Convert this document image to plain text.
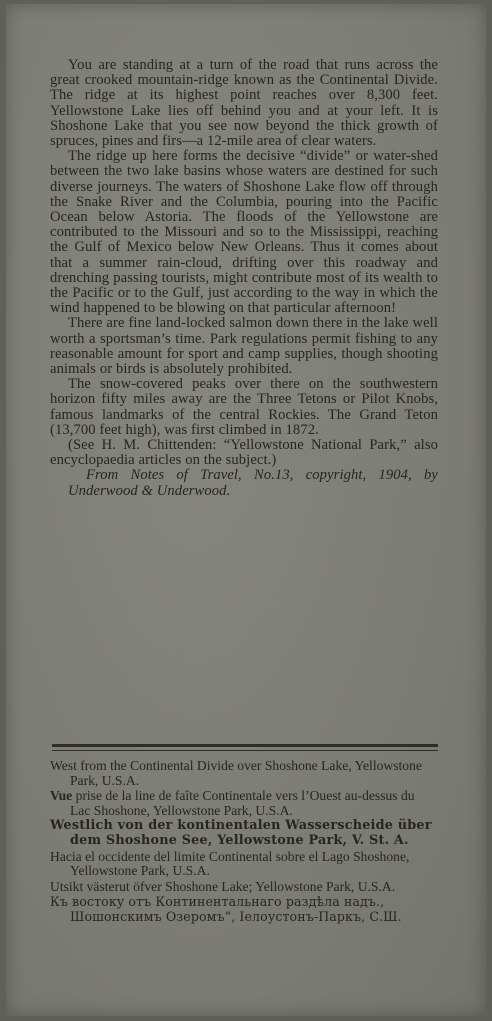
You are standing at a turn of the road that runs across the great crooked mountain-ridge known as the Continental Divide. The ridge at its highest point reaches over 8,300 feet. Yellowstone Lake lies off behind you and at your left. It is Shoshone Lake that you see now beyond the thick growth of spruces, pines and firs—a 12-mile area of clear waters.

The ridge up here forms the decisive “divide” or water-shed between the two lake basins whose waters are destined for such diverse journeys. The waters of Shoshone Lake flow off through the Snake River and the Columbia, pouring into the Pacific Ocean below Astoria. The floods of the Yellowstone are contributed to the Missouri and so to the Mississippi, reaching the Gulf of Mexico below New Orleans. Thus it comes about that a summer rain-cloud, drifting over this roadway and drenching passing tourists, might contribute most of its wealth to the Pacific or to the Gulf, just according to the way in which the wind happened to be blowing on that particular afternoon!

There are fine land-locked salmon down there in the lake well worth a sportsman’s time. Park regulations permit fishing to any reasonable amount for sport and camp supplies, though shooting animals or birds is absolutely prohibited.

The snow-covered peaks over there on the southwestern horizon fifty miles away are the Three Tetons or Pilot Knobs, famous landmarks of the central Rockies. The Grand Teton (13,700 feet high), was first climbed in 1872.

(See H. M. Chittenden: “Yellowstone National Park,” also encyclopaedia articles on the subject.)

From Notes of Travel, No.13, copyright, 1904, by Underwood & Underwood.

West from the Continental Divide over Shoshone Lake, Yellowstone Park, U.S.A.

Vue prise de la line de faîte Continentale vers l’Ouest au-dessus du Lac Shoshone, Yellowstone Park, U.S.A.

Westlich von der kontinentalen Wasserscheide über dem Shoshone See, Yellowstone Park, V. St. A.

Hacia el occidente del limite Continental sobre el Lago Shoshone, Yellowstone Park, U.S.A.

Utsikt västerut öfver Shoshone Lake; Yellowstone Park, U.S.A.

Къ востоку отъ Континентальнаго раздѣла надъ., Шошонскимъ Озеромъ“, Іелоустонъ-Паркъ, С.Ш.
